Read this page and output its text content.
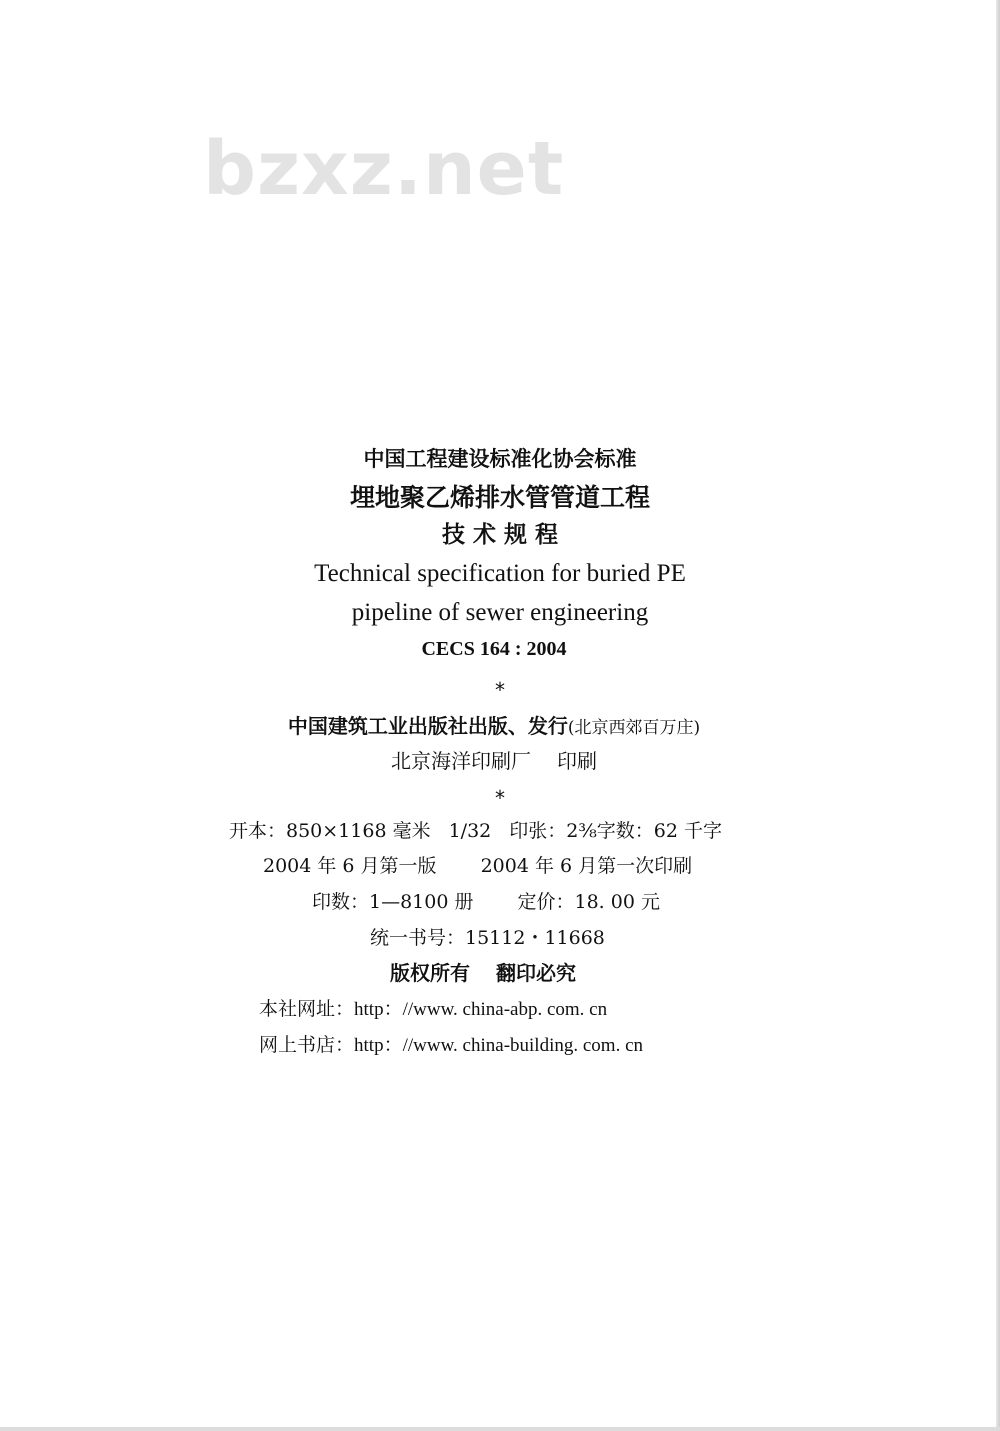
bzxz.net
中国工程建设标准化协会标准
埋地聚乙烯排水管管道工程
技 术 规 程
Technical specification for buried PE
pipeline of sewer engineering
CECS 164 : 2004
*
中国建筑工业出版社出版、发行(北京西郊百万庄)
北京海洋印刷厂 印刷
*
开本：850×1168 毫米 1/32 印张：2⅜字数：62 千字
2004 年 6 月第一版 2004 年 6 月第一次印刷
印数：1—8100 册 定价：18. 00 元
统一书号：15112・11668
版权所有 翻印必究
本社网址：http：//www. china-abp. com. cn
网上书店：http：//www. china-building. com. cn
